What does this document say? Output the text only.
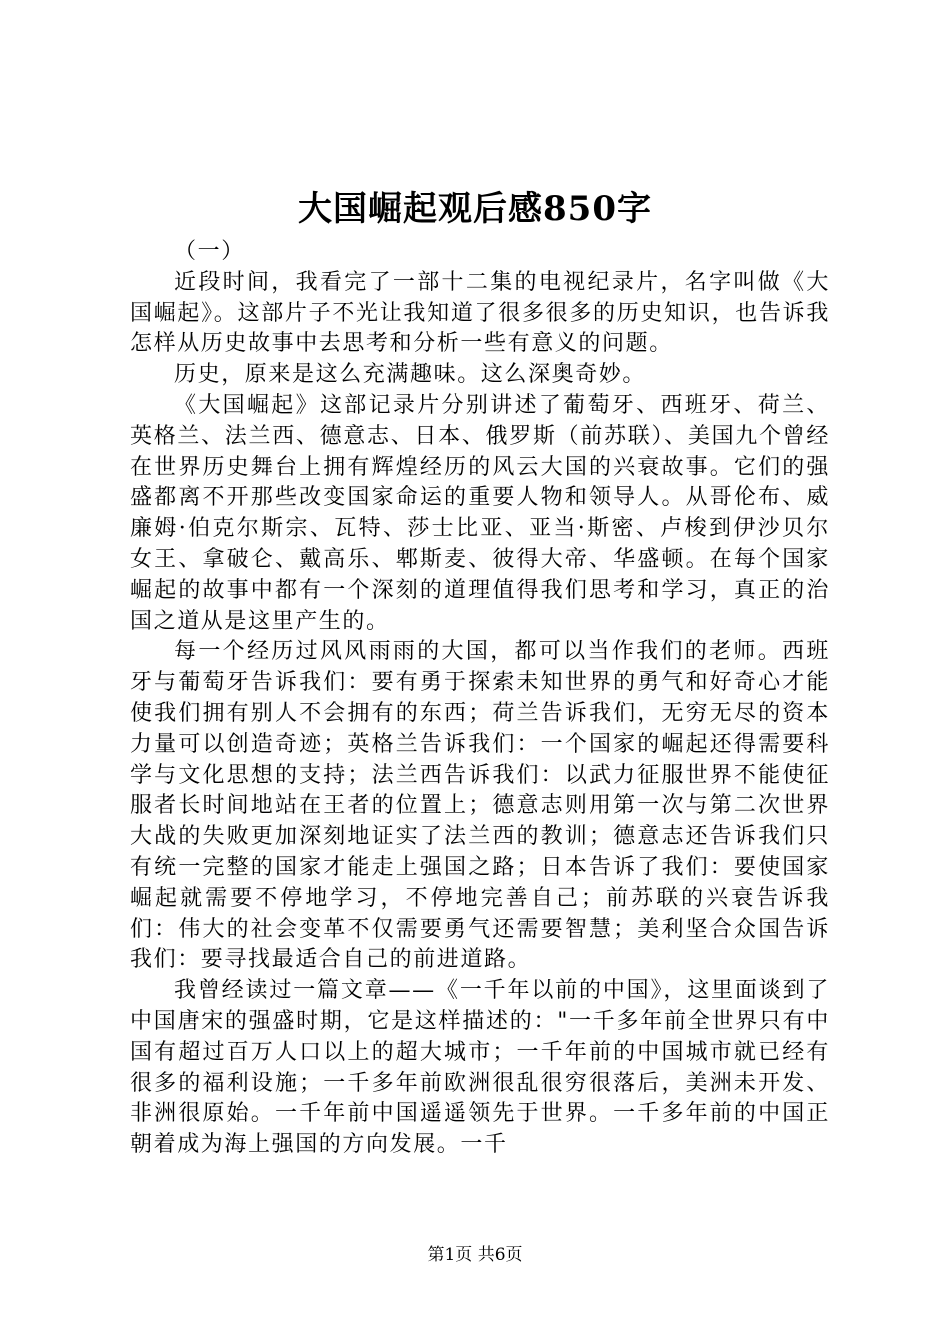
大国崛起观后感850字

（一）

近段时间，我看完了一部十二集的电视纪录片，名字叫做《大国崛起》。这部片子不光让我知道了很多很多的历史知识，也告诉我怎样从历史故事中去思考和分析一些有意义的问题。

历史，原来是这么充满趣味。这么深奥奇妙。

《大国崛起》这部记录片分别讲述了葡萄牙、西班牙、荷兰、英格兰、法兰西、德意志、日本、俄罗斯（前苏联）、美国九个曾经在世界历史舞台上拥有辉煌经历的风云大国的兴衰故事。它们的强盛都离不开那些改变国家命运的重要人物和领导人。从哥伦布、威廉姆·伯克尔斯宗、瓦特、莎士比亚、亚当·斯密、卢梭到伊沙贝尔女王、拿破仑、戴高乐、郫斯麦、彼得大帝、华盛顿。在每个国家崛起的故事中都有一个深刻的道理值得我们思考和学习，真正的治国之道从是这里产生的。

每一个经历过风风雨雨的大国，都可以当作我们的老师。西班牙与葡萄牙告诉我们：要有勇于探索未知世界的勇气和好奇心才能使我们拥有别人不会拥有的东西；荷兰告诉我们，无穷无尽的资本力量可以创造奇迹；英格兰告诉我们：一个国家的崛起还得需要科学与文化思想的支持；法兰西告诉我们：以武力征服世界不能使征服者长时间地站在王者的位置上；德意志则用第一次与第二次世界大战的失败更加深刻地证实了法兰西的教训；德意志还告诉我们只有统一完整的国家才能走上强国之路；日本告诉了我们：要使国家崛起就需要不停地学习，不停地完善自己；前苏联的兴衰告诉我们：伟大的社会变革不仅需要勇气还需要智慧；美利坚合众国告诉我们：要寻找最适合自己的前进道路。

我曾经读过一篇文章——《一千年以前的中国》，这里面谈到了中国唐宋的强盛时期，它是这样描述的："一千多年前全世界只有中国有超过百万人口以上的超大城市；一千年前的中国城市就已经有很多的福利设施；一千多年前欧洲很乱很穷很落后，美洲未开发、非洲很原始。一千年前中国遥遥领先于世界。一千多年前的中国正朝着成为海上强国的方向发展。一千

第1页 共6页
